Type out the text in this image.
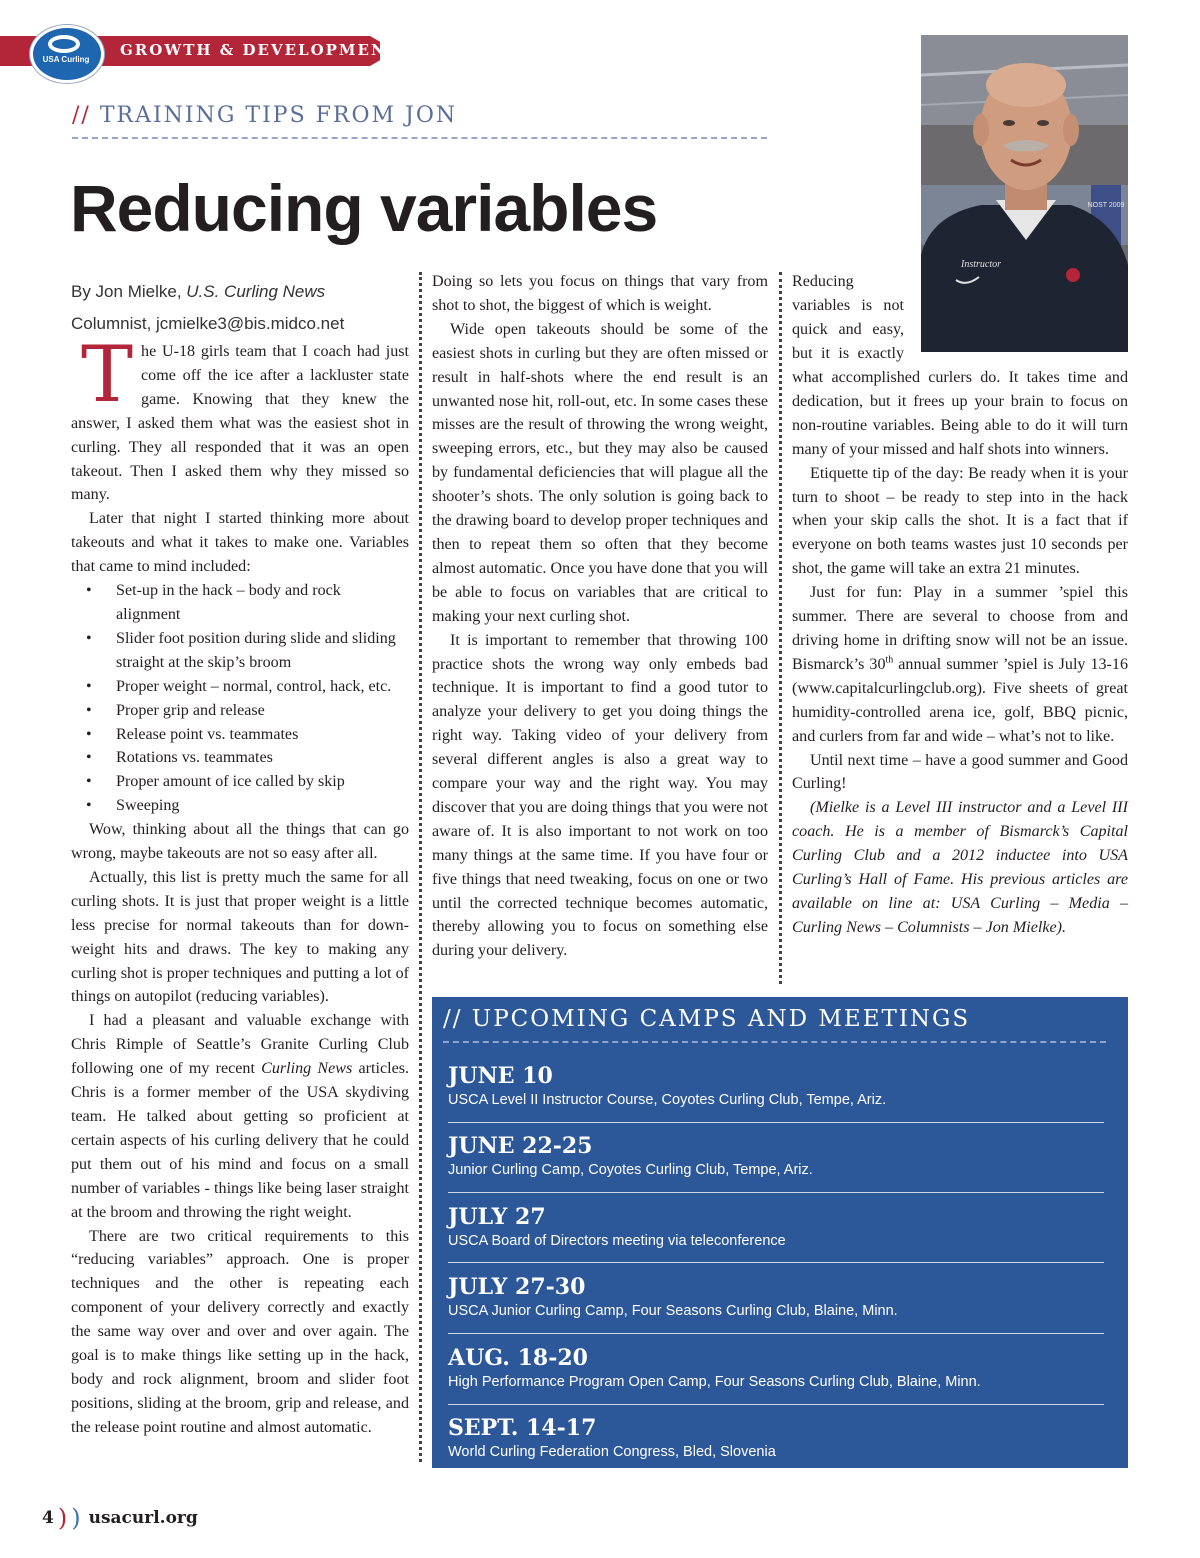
GROWTH & DEVELOPMENT
USA Curling
// TRAINING TIPS FROM JON
Reducing variables	NOST 2009
Instructor
By Jon Mielke, U.S. Curling News
Columnist, jcmielke3@bis.midco.net

The U-18 girls team that I coach had just come off the ice after a lackluster state game. Knowing that they knew the answer, I asked them what was the easiest shot in curling. They all responded that it was an open takeout. Then I asked them why they missed so many.

Later that night I started thinking more about takeouts and what it takes to make one. Variables that came to mind included:

• Set-up in the hack – body and rock alignment
• Slider foot position during slide and sliding straight at the skip’s broom
• Proper weight – normal, control, hack, etc.
• Proper grip and release
• Release point vs. teammates
• Rotations vs. teammates
• Proper amount of ice called by skip
• Sweeping

Wow, thinking about all the things that can go wrong, maybe takeouts are not so easy after all.

Actually, this list is pretty much the same for all curling shots. It is just that proper weight is a little less precise for normal takeouts than for down-weight hits and draws. The key to making any curling shot is proper techniques and putting a lot of things on autopilot (reducing variables).

I had a pleasant and valuable exchange with Chris Rimple of Seattle’s Granite Curling Club following one of my recent Curling News articles. Chris is a former member of the USA skydiving team. He talked about getting so proficient at certain aspects of his curling delivery that he could put them out of his mind and focus on a small number of variables - things like being laser straight at the broom and throwing the right weight.

There are two critical requirements to this “reducing variables” approach. One is proper techniques and the other is repeating each component of your delivery correctly and exactly the same way over and over and over again. The goal is to make things like setting up in the hack, body and rock alignment, broom and slider foot positions, sliding at the broom, grip and release, and the release point routine and almost automatic.

Doing so lets you focus on things that vary from shot to shot, the biggest of which is weight.

Wide open takeouts should be some of the easiest shots in curling but they are often missed or result in half-shots where the end result is an unwanted nose hit, roll-out, etc. In some cases these misses are the result of throwing the wrong weight, sweeping errors, etc., but they may also be caused by fundamental deficiencies that will plague all the shooter’s shots. The only solution is going back to the drawing board to develop proper techniques and then to repeat them so often that they become almost automatic. Once you have done that you will be able to focus on variables that are critical to making your next curling shot.

It is important to remember that throwing 100 practice shots the wrong way only embeds bad technique. It is important to find a good tutor to analyze your delivery to get you doing things the right way. Taking video of your delivery from several different angles is also a great way to compare your way and the right way. You may discover that you are doing things that you were not aware of. It is also important to not work on too many things at the same time. If you have four or five things that need tweaking, focus on one or two until the corrected technique becomes automatic, thereby allowing you to focus on something else during your delivery.

Reducing variables is not quick and easy, but it is exactly

what accomplished curlers do. It takes time and dedication, but it frees up your brain to focus on non-routine variables. Being able to do it will turn many of your missed and half shots into winners.

Etiquette tip of the day: Be ready when it is your turn to shoot – be ready to step into in the hack when your skip calls the shot. It is a fact that if everyone on both teams wastes just 10 seconds per shot, the game will take an extra 21 minutes.

Just for fun: Play in a summer ’spiel this summer. There are several to choose from and driving home in drifting snow will not be an issue. Bismarck’s 30th annual summer ’spiel is July 13-16 (www.capitalcurlingclub.org). Five sheets of great humidity-controlled arena ice, golf, BBQ picnic, and curlers from far and wide – what’s not to like.

Until next time – have a good summer and Good Curling!

(Mielke is a Level III instructor and a Level III coach. He is a member of Bismarck’s Capital Curling Club and a 2012 inductee into USA Curling’s Hall of Fame. His previous articles are available on line at: USA Curling – Media – Curling News – Columnists – Jon Mielke).

// UPCOMING CAMPS AND MEETINGS
JUNE 10
USCA Level II Instructor Course, Coyotes Curling Club, Tempe, Ariz.
JUNE 22-25
Junior Curling Camp, Coyotes Curling Club, Tempe, Ariz.
JULY 27
USCA Board of Directors meeting via teleconference
JULY 27-30
USCA Junior Curling Camp, Four Seasons Curling Club, Blaine, Minn.
AUG. 18-20
High Performance Program Open Camp, Four Seasons Curling Club, Blaine, Minn.
SEPT. 14-17
World Curling Federation Congress, Bled, Slovenia
4 ) ) usacurl.org
